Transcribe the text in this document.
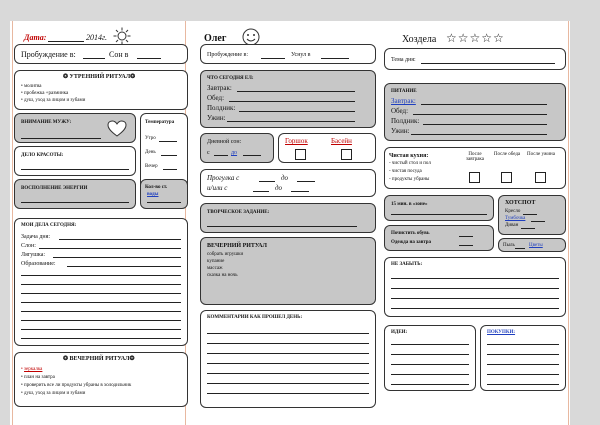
Дата:	2014г.
Пробуждение в:	Сон в
❂ УТРЕННИЙ РИТУАЛ❂
• молитва
• пробежка +разминка
• душ, уход за лицом и зубами
ВНИМАНИЕ МУЖУ:	Температура
Утро
День
Вечер
ДЕЛО КРАСОТЫ:
ВОСПОЛНЕНИЕ ЭНЕРГИИ	Кол-во ст.
воды
МОИ ДЕЛА СЕГОДНЯ:
Задача дня:
Слон:
Лягушка:
Образование:
❂ ВЕЧЕРНИЙ РИТУАЛ❂
• зеркалка
• план на завтра
• проверить все ли продукты убраны в холодильник
• душ, уход за лицом и зубами
Олег
Пробуждение в:	Уснул в
ЧТО СЕГОДНЯ ЕЛ:
Завтрак:
Обед:
Полдник:
Ужин:
Дневной сон:
с	до
Горшок	Басейн
Прогулка с	до
и/или с	до
ТВОРЧЕСКОЕ ЗАДАНИЕ:
ВЕЧЕРНИЙ РИТУАЛ
собрать игрушки
купание
массаж
сказка на ночь
КОММЕНТАРИИ КАК ПРОШЕЛ ДЕНЬ:
Хозделa ☆☆☆☆☆
Тема дня:
ПИТАНИЕ
Завтрак:
Обед:
Полдник:
Ужин:
Чистая кухня:
- чистый стол и пол
- чистая посуда
- продукты убраны
После завтрака
После обеда После ужина
15 мин. в «зоне»
Почистить обувь
Одежда на завтра
ХОТСПОТ
Кресло
Тумбочка
Диван
Пыль	Цветы
НЕ ЗАБЫТЬ:
ИДЕИ:	ПОКУПКИ:
